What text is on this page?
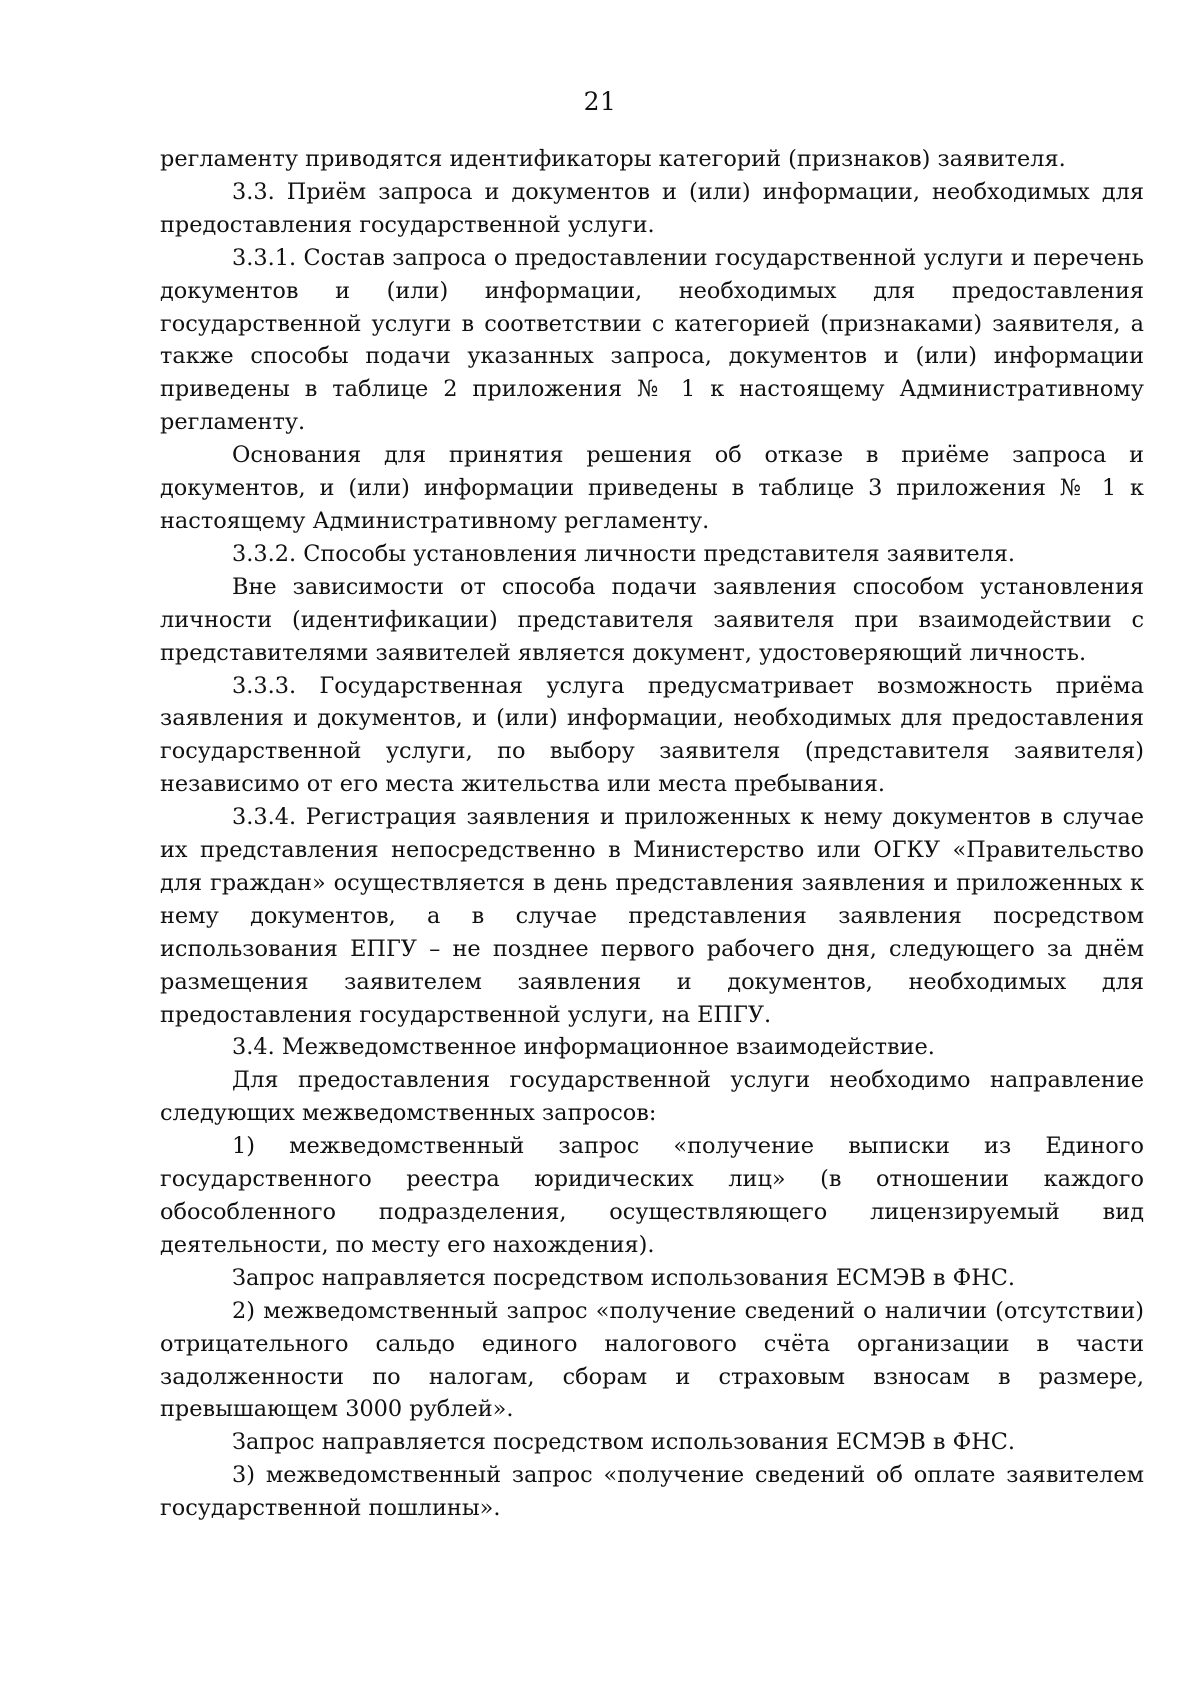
21

регламенту приводятся идентификаторы категорий (признаков) заявителя.

3.3. Приём запроса и документов и (или) информации, необходимых для предоставления государственной услуги.

3.3.1. Состав запроса о предоставлении государственной услуги и перечень документов и (или) информации, необходимых для предоставления государственной услуги в соответствии с категорией (признаками) заявителя, а также способы подачи указанных запроса, документов и (или) информации приведены в таблице 2 приложения № 1 к настоящему Административному регламенту.

Основания для принятия решения об отказе в приёме запроса и документов, и (или) информации приведены в таблице 3 приложения № 1 к настоящему Административному регламенту.

3.3.2. Способы установления личности представителя заявителя.

Вне зависимости от способа подачи заявления способом установления личности (идентификации) представителя заявителя при взаимодействии с представителями заявителей является документ, удостоверяющий личность.

3.3.3. Государственная услуга предусматривает возможность приёма заявления и документов, и (или) информации, необходимых для предоставления государственной услуги, по выбору заявителя (представителя заявителя) независимо от его места жительства или места пребывания.

3.3.4. Регистрация заявления и приложенных к нему документов в случае их представления непосредственно в Министерство или ОГКУ «Правительство для граждан» осуществляется в день представления заявления и приложенных к нему документов, а в случае представления заявления посредством использования ЕПГУ – не позднее первого рабочего дня, следующего за днём размещения заявителем заявления и документов, необходимых для предоставления государственной услуги, на ЕПГУ.

3.4. Межведомственное информационное взаимодействие.

Для предоставления государственной услуги необходимо направление следующих межведомственных запросов:

1) межведомственный запрос «получение выписки из Единого государственного реестра юридических лиц» (в отношении каждого обособленного подразделения, осуществляющего лицензируемый вид деятельности, по месту его нахождения).

Запрос направляется посредством использования ЕСМЭВ в ФНС.

2) межведомственный запрос «получение сведений о наличии (отсутствии) отрицательного сальдо единого налогового счёта организации в части задолженности по налогам, сборам и страховым взносам в размере, превышающем 3000 рублей».

Запрос направляется посредством использования ЕСМЭВ в ФНС.

3) межведомственный запрос «получение сведений об оплате заявителем государственной пошлины».
